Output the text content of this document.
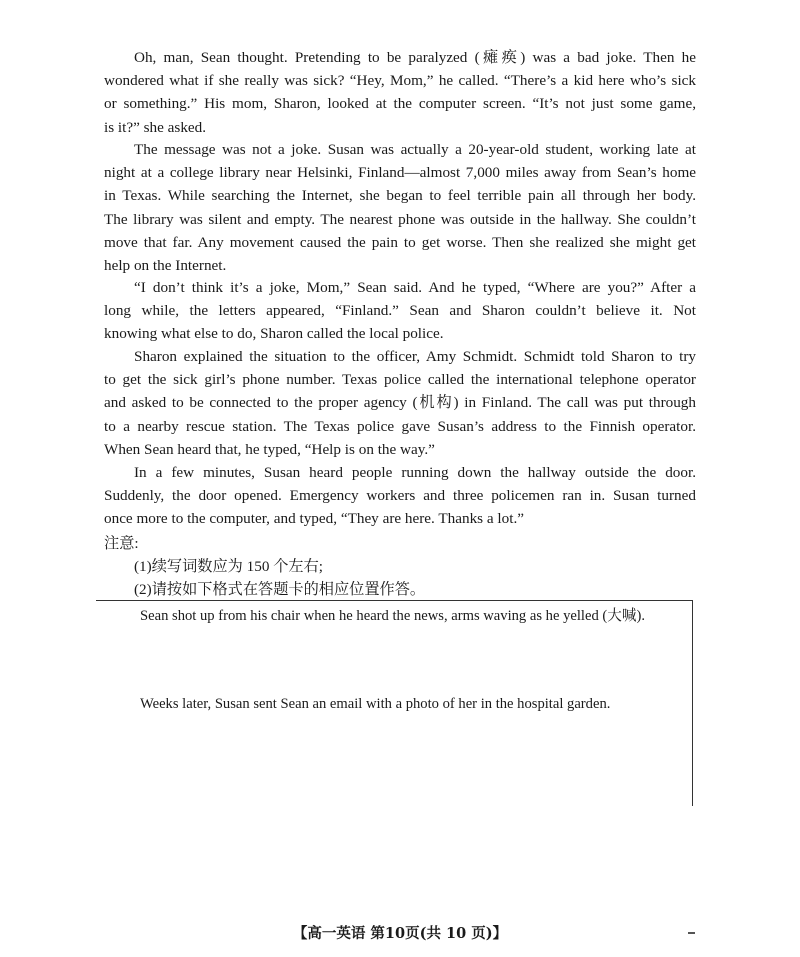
Oh, man, Sean thought. Pretending to be paralyzed (瘫痪) was a bad joke. Then he
wondered what if she really was sick? “Hey, Mom,” he called. “There’s a kid here who’s sick
or something.” His mom, Sharon, looked at the computer screen. “It’s not just some game,
is it?” she asked.
The message was not a joke. Susan was actually a 20-year-old student, working late at
night at a college library near Helsinki, Finland—almost 7,000 miles away from Sean’s home
in Texas. While searching the Internet, she began to feel terrible pain all through her body.
The library was silent and empty. The nearest phone was outside in the hallway. She couldn’t
move that far. Any movement caused the pain to get worse. Then she realized she might get
help on the Internet.
“I don’t think it’s a joke, Mom,” Sean said. And he typed, “Where are you?” After a
long while, the letters appeared, “Finland.” Sean and Sharon couldn’t believe it. Not
knowing what else to do, Sharon called the local police.
Sharon explained the situation to the officer, Amy Schmidt. Schmidt told Sharon to try
to get the sick girl’s phone number. Texas police called the international telephone operator
and asked to be connected to the proper agency (机构) in Finland. The call was put through
to a nearby rescue station. The Texas police gave Susan’s address to the Finnish operator.
When Sean heard that, he typed, “Help is on the way.”
In a few minutes, Susan heard people running down the hallway outside the door.
Suddenly, the door opened. Emergency workers and three policemen ran in. Susan turned
once more to the computer, and typed, “They are here. Thanks a lot.”

注意:

(1)续写词数应为 150 个左右;

(2)请按如下格式在答题卡的相应位置作答。

Sean shot up from his chair when he heard the news, arms waving as he yelled (大喊).

Weeks later, Susan sent Sean an email with a photo of her in the hospital garden.

【高一英语 第10页(共 10 页)】
